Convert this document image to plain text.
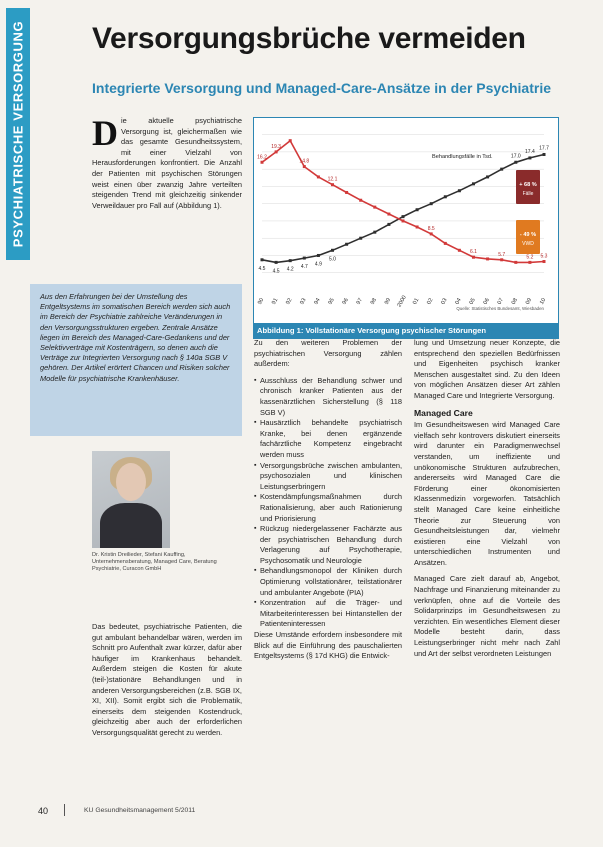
PSYCHIATRISCHE VERSORGUNG Versorgungsbrüche vermeiden
Integrierte Versorgung und Managed-Care-Ansätze in der Psychiatrie
D ie aktuelle psychiatrische Versorgung ist, gleichermaßen wie das gesamte Gesundheitssystem, mit einer Vielzahl von Herausforderungen konfrontiert. Die Anzahl der Patienten mit psychischen Störungen weist einen über zwanzig Jahre verteilten steigenden Trend mit gleichzeitig sinkender Verweildauer pro Fall auf (Abbildung 1).
Aus den Erfahrungen bei der Umstellung des Entgeltsystems im somatischen Bereich werden sich auch im Bereich der Psychiatrie zahlreiche Veränderungen in den Versorgungsstrukturen ergeben. Zentrale Ansätze liegen im Bereich des Managed-Care-Gedankens und der Selektivverträge mit Kostenträgern, so denen auch die Verträge zur Integrierten Versorgung nach § 140a SGB V gehören. Der Artikel erörtert Chancen und Risiken solcher Modelle für psychiatrische Krankenhäuser.
Dr. Kristin Dreilieder, Stefani Kauffing, Unternehmensberatung, Managed Care, Beratung Psychiatrie, Curacon GmbH

Das bedeutet, psychiatrische Patienten, die gut ambulant behandelbar wären, werden im Schnitt pro Aufenthalt zwar kürzer, dafür aber häufiger im Krankenhaus behandelt. Außerdem steigen die Kosten für akute (teil-)stationäre Behandlungen und in anderen Versorgungsbereichen (z.B. SGB IX, XI, XII). Somit ergibt sich die Problematik, einerseits dem steigenden Kostendruck, gleichzeitig aber auch der erforderlichen Versorgungsqualität gerecht zu werden.

4.5 4.5 4.2 4.7 4.9
5.0
17.0
17.4
17.7
16.2
19.3
14.8
12.1
8.5
6.1	5.7	5.2 5.3
90 91 92 93 94 95 96 97 98 99 2000 01 02 03 04 05 06 07 08 09 10
Behandlungsfälle in Tsd.
+ 68 %
Fälle
- 49 %
VWD
Quelle: Statistisches Bundesamt, Wiesbaden
Abbildung 1: Vollstationäre Versorgung psychischer Störungen

Zu den weiteren Problemen der psychiatrischen Versorgung zählen außerdem:

▪ Ausschluss der Behandlung schwer und chronisch kranker Patienten aus der kassenärztlichen Sicherstellung (§ 118 SGB V)
▪ Hausärztlich behandelte psychiatrisch Kranke, bei denen ergänzende fachärztliche Kompetenz eingebracht werden muss
▪ Versorgungsbrüche zwischen ambulanten, psychosozialen und klinischen Leistungserbringern
▪ Kostendämpfungsmaßnahmen durch Rationalisierung, aber auch Rationierung und Priorisierung
▪ Rückzug niedergelassener Fachärzte aus der psychiatrischen Behandlung durch Verlagerung auf Psychotherapie, Psychosomatik und Neurologie
▪ Behandlungsmonopol der Kliniken durch Optimierung vollstationärer, teilstationärer und ambulanter Angebote (PIA)
▪ Konzentration auf die Träger- und Mitarbeiterinteressen bei Hintanstellen der Patienteninteressen

Diese Umstände erfordern insbesondere mit Blick auf die Einführung des pauschalierten Entgeltsystems (§ 17d KHG) die Entwick-

lung und Umsetzung neuer Konzepte, die entsprechend den speziellen Bedürfnissen und Eigenheiten psychisch kranker Menschen ausgestaltet sind. Zu den Ideen von möglichen Ansätzen dieser Art zählen Managed Care und Integrierte Versorgung.

Managed Care

Im Gesundheitswesen wird Managed Care vielfach sehr kontrovers diskutiert einerseits wird darunter ein Paradigmenwechsel verstanden, um ineffiziente und unökonomische Strukturen aufzubrechen, andererseits wird Managed Care die Förderung einer ökonomisierten Klassenmedizin vorgeworfen. Tatsächlich stellt Managed Care keine einheitliche Theorie zur Steuerung von Gesundheitsleistungen dar, vielmehr existieren eine Vielzahl von unterschiedlichen Instrumenten und Ansätzen.

Managed Care zielt darauf ab, Angebot, Nachfrage und Finanzierung miteinander zu verknüpfen, ohne auf die Vorteile des Solidarprinzips im Gesundheitswesen zu verzichten. Ein wesentliches Element dieser Modelle besteht darin, dass Leistungserbringer nicht mehr nach Zahl und Art der selbst verordneten Leistungen

40	KU Gesundheitsmanagement 5/2011
